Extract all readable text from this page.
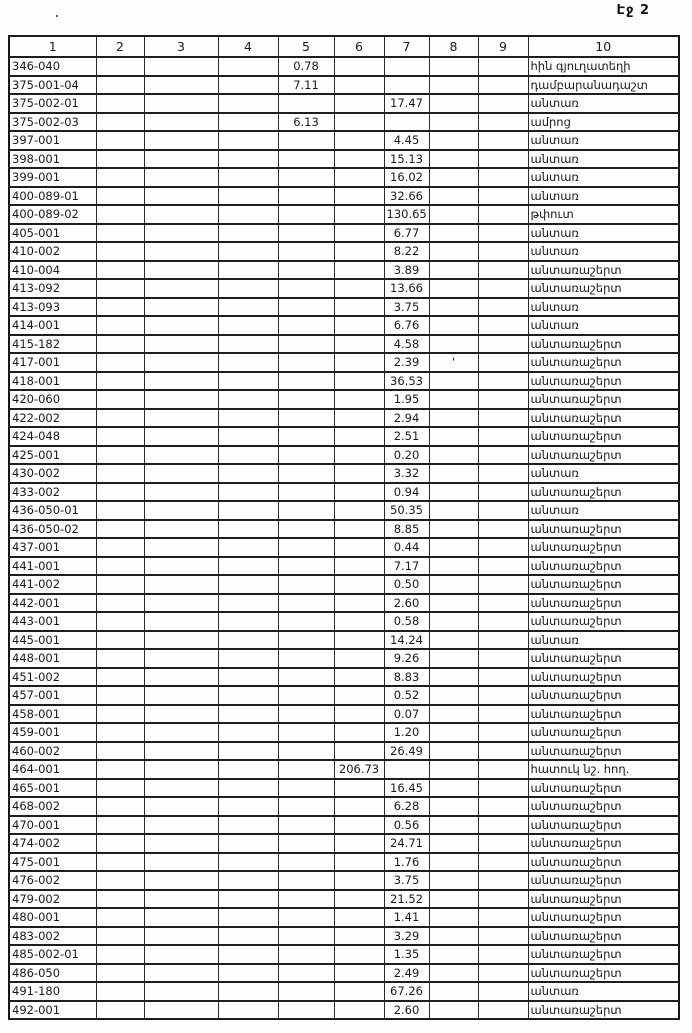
Էջ 2
1	2	3	4	5	6	7	8	9	10
346-040				0.78					հին գյուղատեղի
375-001-04				7.11					դամբարանադաշտ
375-002-01						17.47			անտառ
375-002-03				6.13					ամրոց
397-001						4.45			անտառ
398-001						15.13			անտառ
399-001						16.02			անտառ
400-089-01						32.66			անտառ
400-089-02						130.65			թփուտ
405-001						6.77			անտառ
410-002						8.22			անտառ
410-004						3.89			անտառաշերտ
413-092						13.66			անտառաշերտ
413-093						3.75			անտառ
414-001						6.76			անտառ
415-182						4.58			անտառաշերտ
417-001						2.39	'		անտառաշերտ
418-001						36.53			անտառաշերտ
420-060						1.95			անտառաշերտ
422-002						2.94			անտառաշերտ
424-048						2.51			անտառաշերտ
425-001						0.20			անտառաշերտ
430-002						3.32			անտառ
433-002						0.94			անտառաշերտ
436-050-01						50.35			անտառ
436-050-02						8.85			անտառաշերտ
437-001						0.44			անտառաշերտ
441-001						7.17			անտառաշերտ
441-002						0.50			անտառաշերտ
442-001						2.60			անտառաշերտ
443-001						0.58			անտառաշերտ
445-001						14.24			անտառ
448-001						9.26			անտառաշերտ
451-002						8.83			անտառաշերտ
457-001						0.52			անտառաշերտ
458-001						0.07			անտառաշերտ
459-001						1.20			անտառաշերտ
460-002						26.49			անտառաշերտ
464-001					206.73				հատուկ նշ. հող.
465-001						16.45			անտառաշերտ
468-002						6.28			անտառաշերտ
470-001						0.56			անտառաշերտ
474-002						24.71			անտառաշերտ
475-001						1.76			անտառաշերտ
476-002						3.75			անտառաշերտ
479-002						21.52			անտառաշերտ
480-001						1.41			անտառաշերտ
483-002						3.29			անտառաշերտ
485-002-01						1.35			անտառաշերտ
486-050						2.49			անտառաշերտ
491-180						67.26			անտառ
492-001						2.60			անտառաշերտ
